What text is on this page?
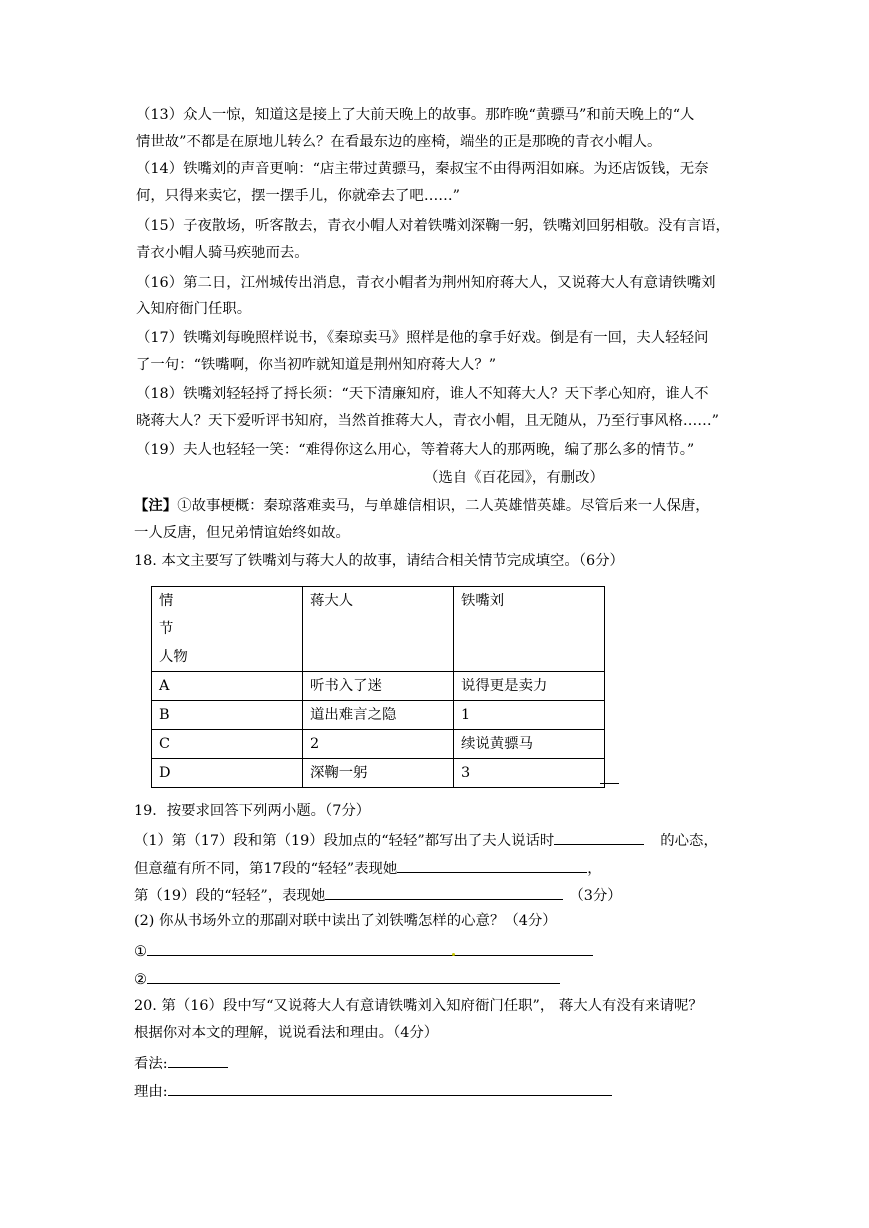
（13）众人一惊，知道这是接上了大前天晚上的故事。那昨晚“黄骠马”和前天晚上的“人
情世故”不都是在原地儿转么？在看最东边的座椅，端坐的正是那晚的青衣小帽人。
（14）铁嘴刘的声音更响：“店主带过黄骠马，秦叔宝不由得两泪如麻。为还店饭钱，无奈
何，只得来卖它，摆一摆手儿，你就牵去了吧……”
（15）子夜散场，听客散去，青衣小帽人对着铁嘴刘深鞠一躬，铁嘴刘回躬相敬。没有言语，
青衣小帽人骑马疾驰而去。
（16）第二日，江州城传出消息，青衣小帽者为荆州知府蒋大人，又说蒋大人有意请铁嘴刘
入知府衙门任职。
（17）铁嘴刘每晚照样说书，《秦琼卖马》照样是他的拿手好戏。倒是有一回，夫人轻轻问
了一句：“铁嘴啊，你当初咋就知道是荆州知府蒋大人？”
（18）铁嘴刘轻轻捋了捋长须：“天下清廉知府，谁人不知蒋大人？天下孝心知府，谁人不
晓蒋大人？天下爱听评书知府，当然首推蒋大人，青衣小帽，且无随从，乃至行事风格……”
（19）夫人也轻轻一笑：“难得你这么用心，等着蒋大人的那两晚，编了那么多的情节。”
（选自《百花园》，有删改）
【注】①故事梗概：秦琼落难卖马，与单雄信相识，二人英雄惜英雄。尽管后来一人保唐，
一人反唐，但兄弟情谊始终如故。
18. 本文主要写了铁嘴刘与蒋大人的故事，请结合相关情节完成填空。（6分）
情
节
人物	蒋大人	铁嘴刘
A	听书入了迷	说得更是卖力
B	道出难言之隐	1
C	2	续说黄骠马
D	深鞠一躬	3
19．按要求回答下列两小题。（7分）
（1）第（17）段和第（19）段加点的“轻轻”都写出了夫人说话时	的心态，
但意蕴有所不同，第17段的“轻轻”表现她	，
第（19）段的“轻轻”，表现她	（3分）
(2) 你从书场外立的那副对联中读出了刘铁嘴怎样的心意？（4分）
①
②
20. 第（16）段中写“又说蒋大人有意请铁嘴刘入知府衙门任职”， 蒋大人有没有来请呢？
根据你对本文的理解，说说看法和理由。（4分）
看法:
理由:
